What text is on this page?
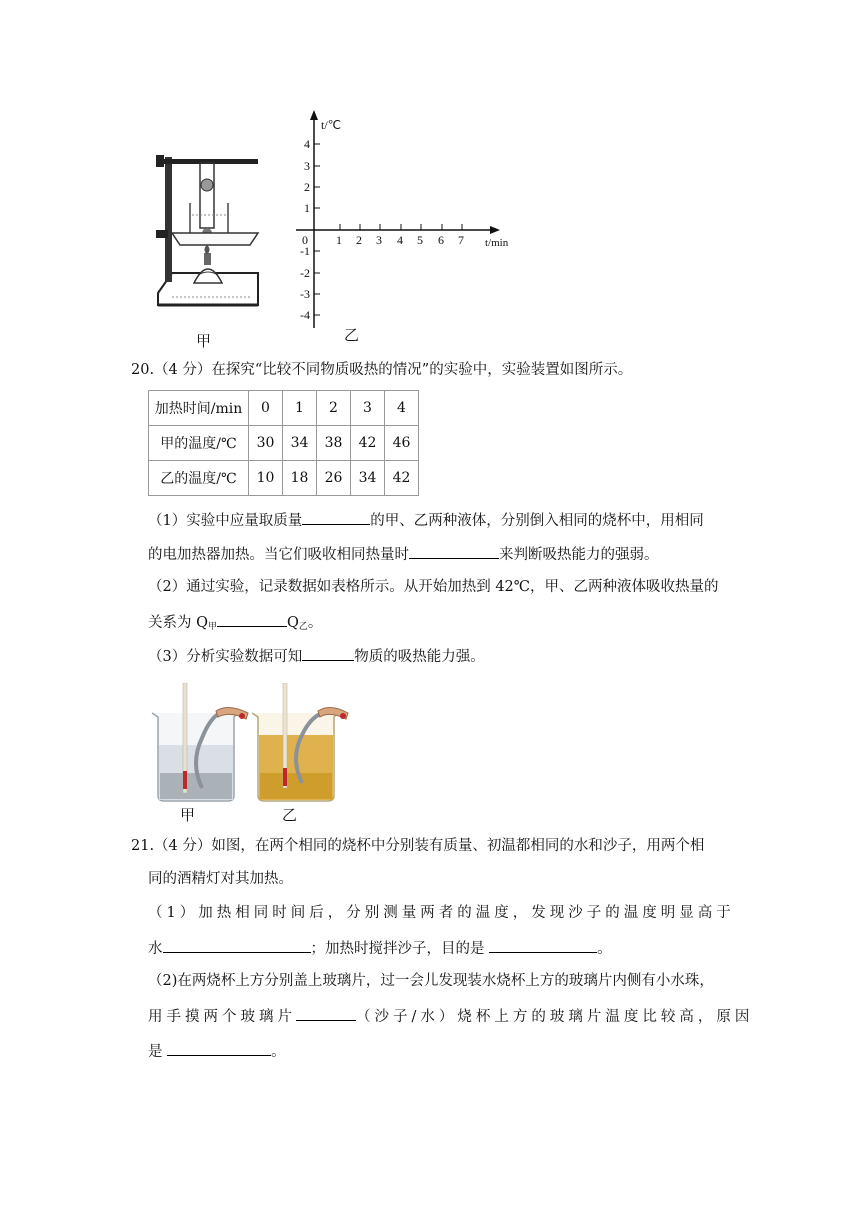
甲
t/℃
t/min
0
4
3
2
1
-1
-2
-3
-4
1 2 3 4 5 6 7
乙
20.（4 分）在探究“比较不同物质吸热的情况”的实验中，实验装置如图所示。
加热时间/min	0	1	2	3	4
甲的温度/℃	30	34	38	42	46
乙的温度/℃	10	18	26	34	42
（1）实验中应量取质量	的甲、乙两种液体，分别倒入相同的烧杯中，用相同
的电加热器加热。当它们吸收相同热量时	来判断吸热能力的强弱。
（2）通过实验，记录数据如表格所示。从开始加热到 42℃，甲、乙两种液体吸收热量的
关系为 $Q_甲$	$Q_乙$。
（3）分析实验数据可知	物质的吸热能力强。
甲	乙
21.（4 分）如图，在两个相同的烧杯中分别装有质量、初温都相同的水和沙子，用两个相
同的酒精灯对其加热。
（1）加热相同时间后，分别测量两者的温度，发现沙子的温度明显高于
水	；加热时搅拌沙子，目的是	。
（2)在两烧杯上方分别盖上玻璃片，过一会儿发现装水烧杯上方的玻璃片内侧有小水珠，
用手摸两个玻璃片	（沙子/水）烧杯上方的玻璃片温度比较高，原因
是	。
